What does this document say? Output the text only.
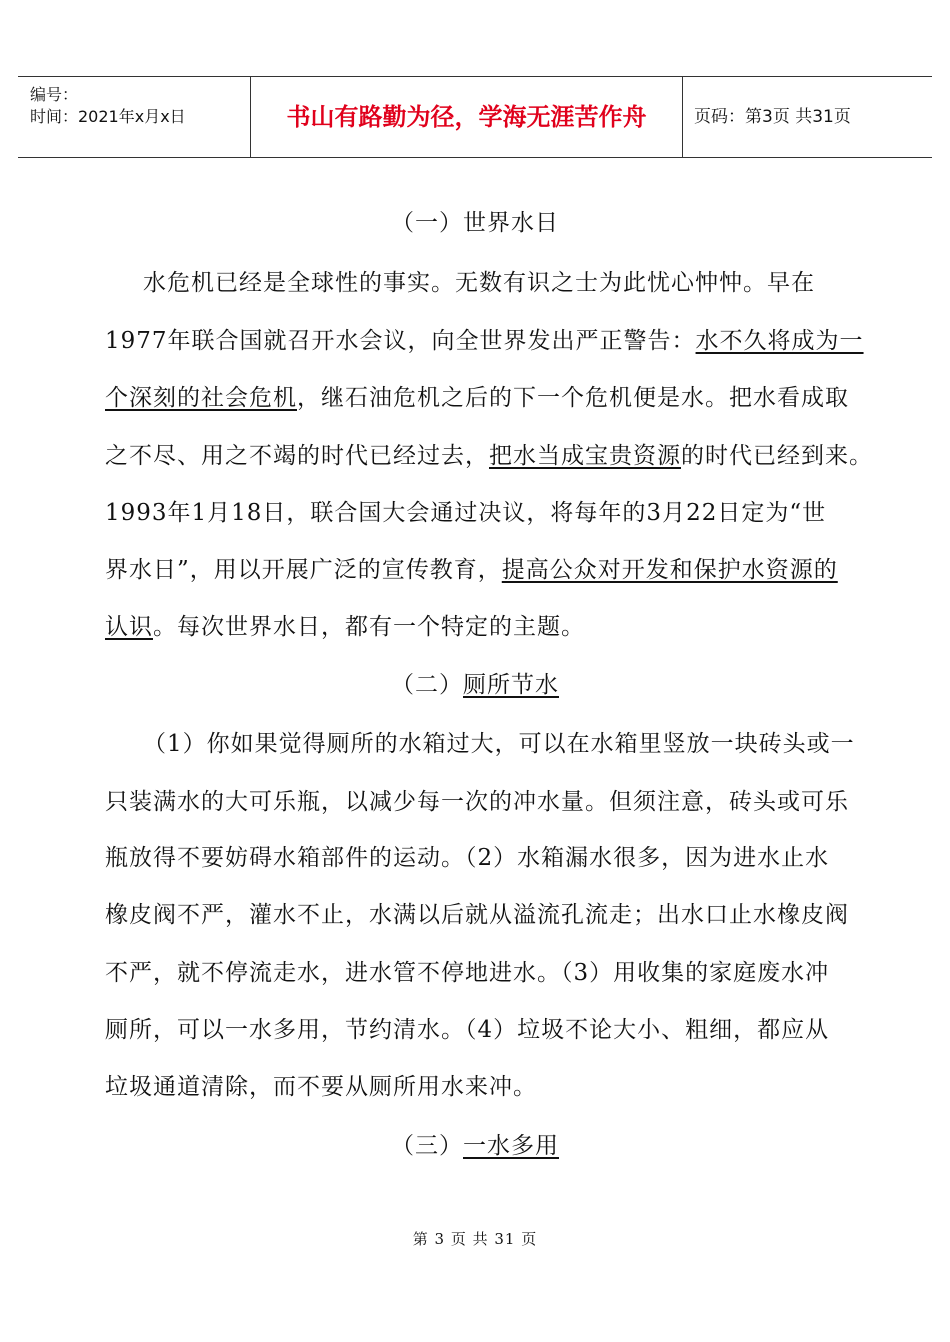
编号：
时间：2021年x月x日	书山有路勤为径，学海无涯苦作舟	页码：第3页 共31页
（一）世界水日
水危机已经是全球性的事实。无数有识之士为此忧心忡忡。早在
1977年联合国就召开水会议，向全世界发出严正警告：水不久将成为一
个深刻的社会危机，继石油危机之后的下一个危机便是水。把水看成取
之不尽、用之不竭的时代已经过去，把水当成宝贵资源的时代已经到来。
1993年1月18日，联合国大会通过决议，将每年的3月22日定为“世
界水日”，用以开展广泛的宣传教育，提高公众对开发和保护水资源的
认识。每次世界水日，都有一个特定的主题。
（二）厕所节水
（1）你如果觉得厕所的水箱过大，可以在水箱里竖放一块砖头或一
只装满水的大可乐瓶，以减少每一次的冲水量。但须注意，砖头或可乐
瓶放得不要妨碍水箱部件的运动。（2）水箱漏水很多，因为进水止水
橡皮阀不严，灌水不止，水满以后就从溢流孔流走；出水口止水橡皮阀
不严，就不停流走水，进水管不停地进水。（3）用收集的家庭废水冲
厕所，可以一水多用，节约清水。（4）垃圾不论大小、粗细，都应从
垃圾通道清除，而不要从厕所用水来冲。
（三）一水多用
第 3 页 共 31 页
